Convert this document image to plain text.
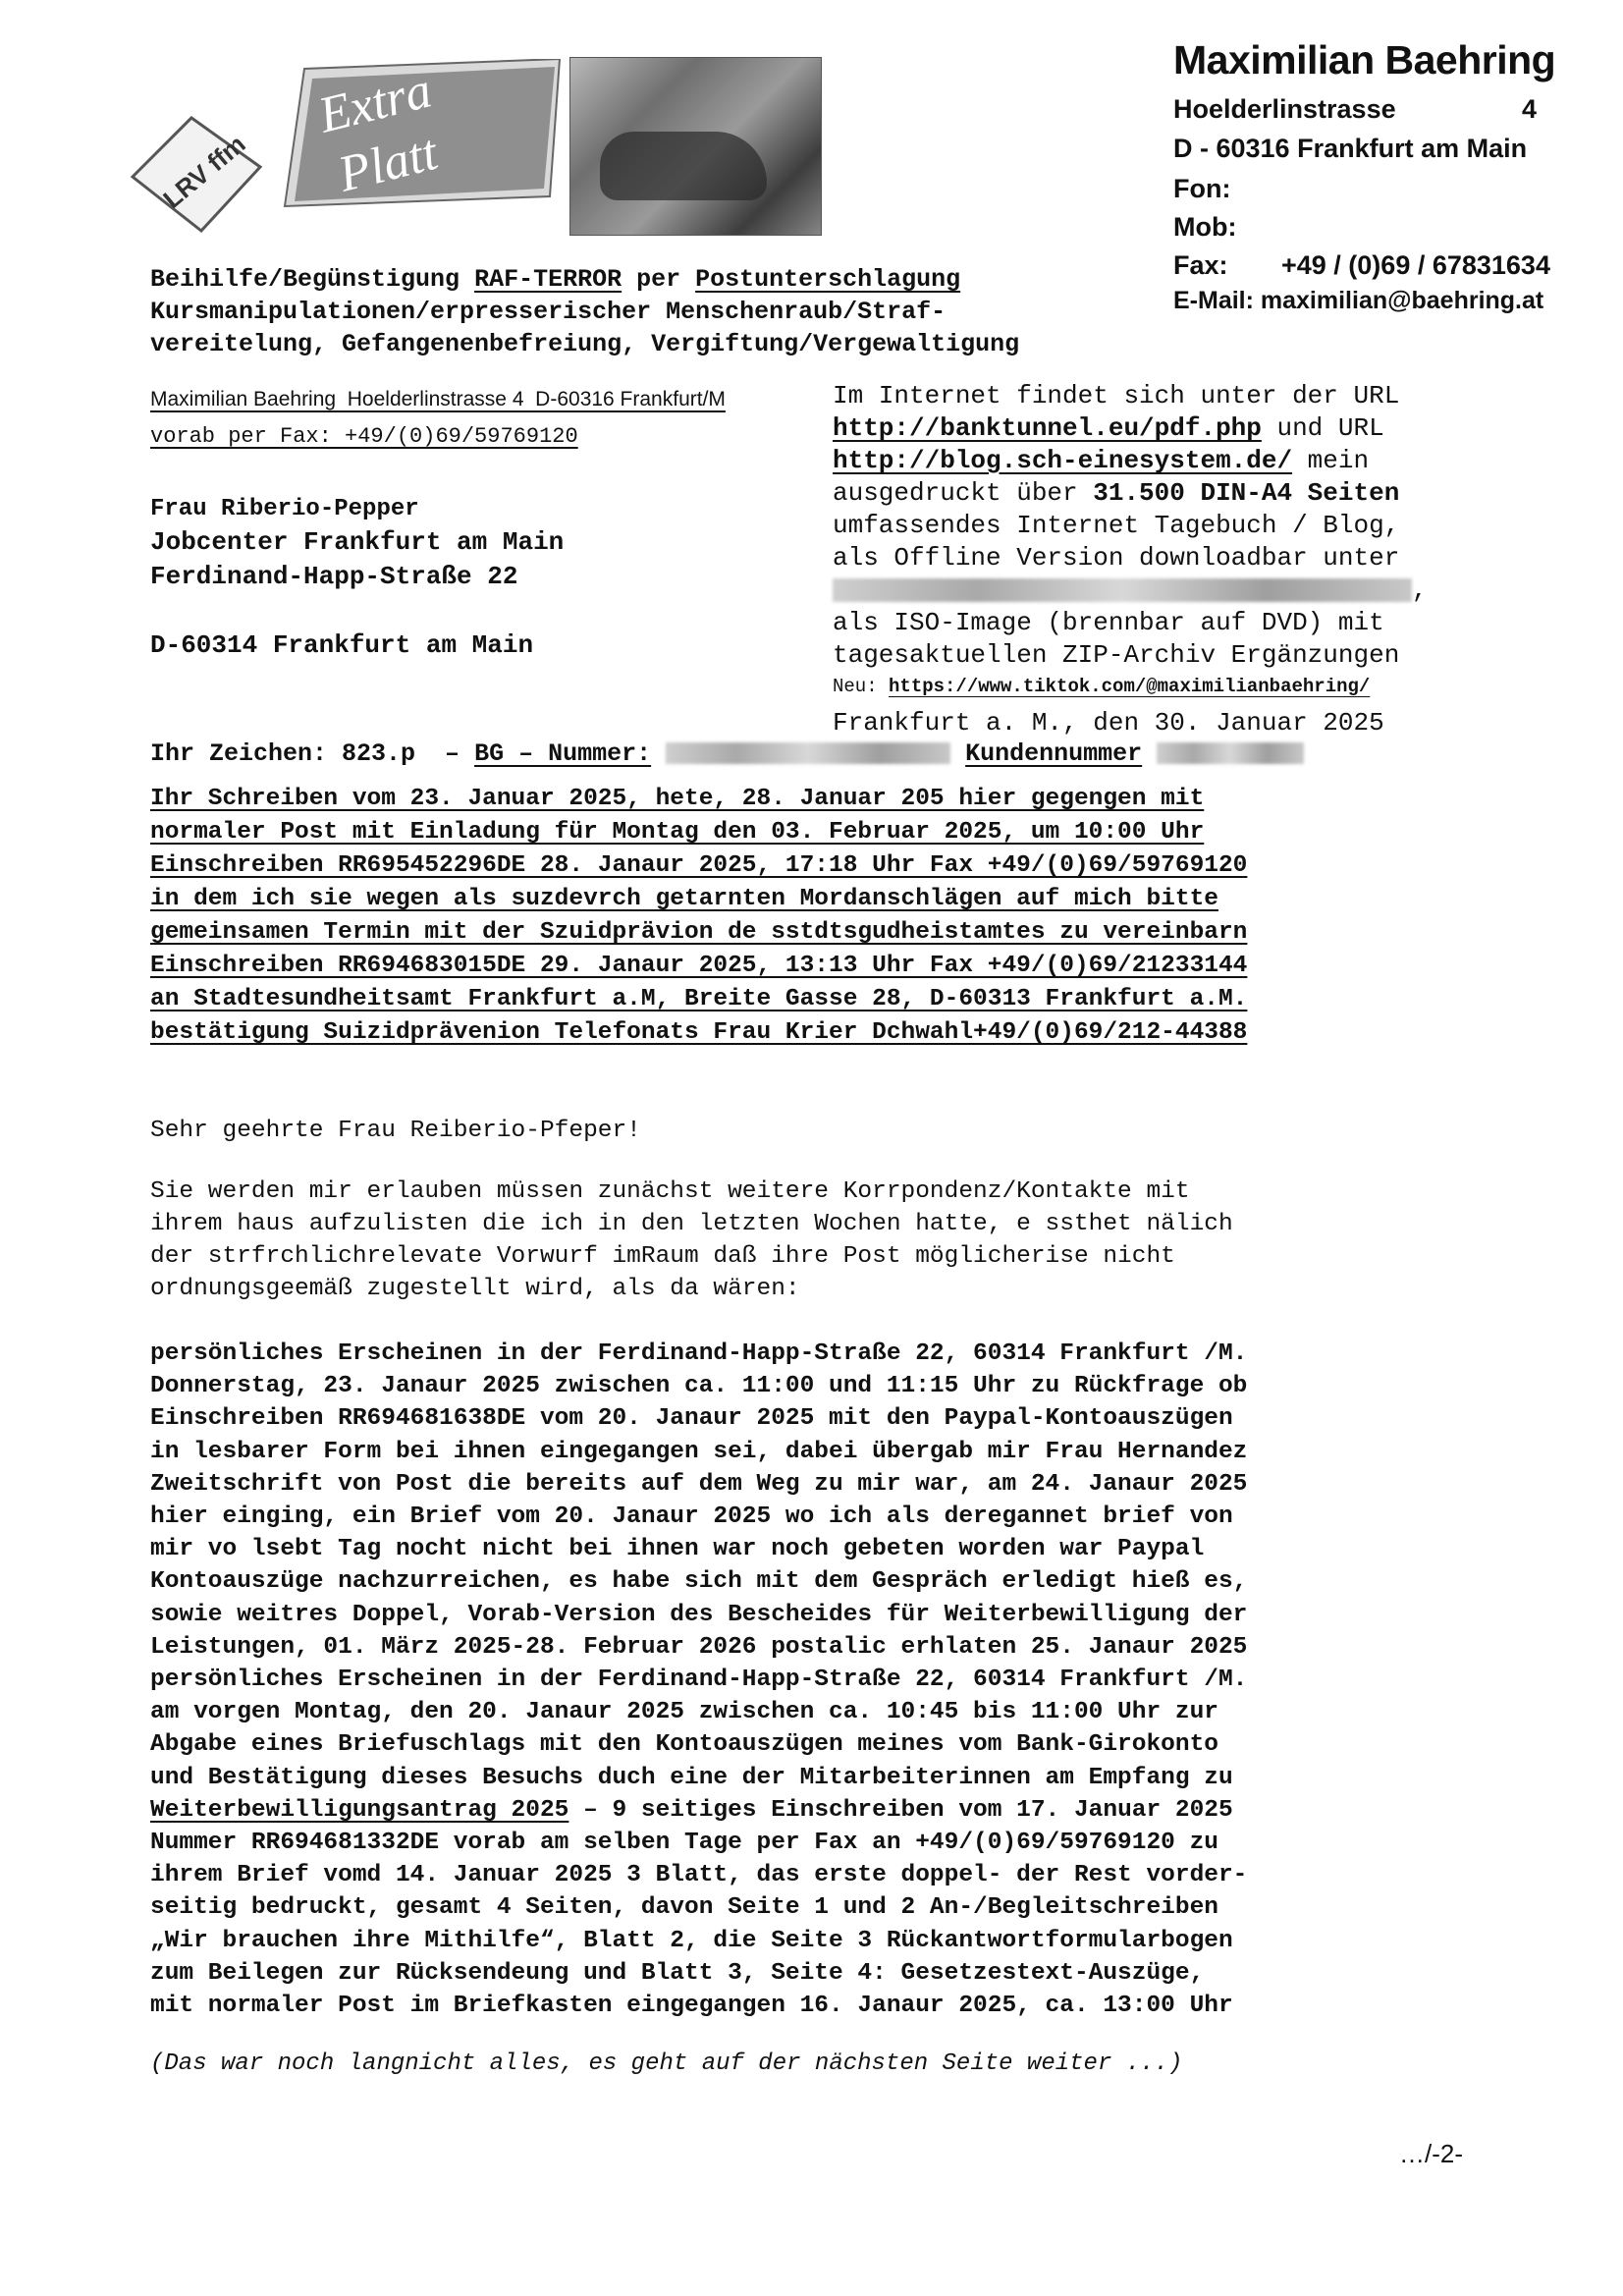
Extra
Platt
LRV ffm
Maximilian Baehring
Hoelderlinstrasse	4
D - 60316 Frankfurt am Main
Fon:
Mob:
Fax: +49 / (0)69 / 67831634
E-Mail: maximilian@baehring.at
Beihilfe/Begünstigung RAF-TERROR per Postunterschlagung
Kursmanipulationen/erpresserischer Menschenraub/Straf-
vereitelung, Gefangenenbefreiung, Vergiftung/Vergewaltigung
Maximilian Baehring  Hoelderlinstrasse 4  D-60316 Frankfurt/M
vorab per Fax: +49/(0)69/59769120
Frau Riberio-Pepper
Jobcenter Frankfurt am Main
Ferdinand-Happ-Straße 22
D-60314 Frankfurt am Main
Im Internet findet sich unter der URL
http://banktunnel.eu/pdf.php und URL
http://blog.sch-einesystem.de/ mein
ausgedruckt über 31.500 DIN-A4 Seiten
umfassendes Internet Tagebuch / Blog,
als Offline Version downloadbar unter
,
als ISO-Image (brennbar auf DVD) mit
tagesaktuellen ZIP-Archiv Ergänzungen
Neu: https://www.tiktok.com/@maximilianbaehring/
Frankfurt a. M., den 30. Januar 2025
Ihr Zeichen: 823.p  – BG – Nummer:	Kundennummer
Ihr Schreiben vom 23. Januar 2025, hete, 28. Januar 205 hier gegengen mit
normaler Post mit Einladung für Montag den 03. Februar 2025, um 10:00 Uhr
Einschreiben RR695452296DE 28. Janaur 2025, 17:18 Uhr Fax +49/(0)69/59769120
in dem ich sie wegen als suzdevrch getarnten Mordanschlägen auf mich bitte
gemeinsamen Termin mit der Szuidprävion de sstdtsgudheistamtes zu vereinbarn
Einschreiben RR694683015DE 29. Janaur 2025, 13:13 Uhr Fax +49/(0)69/21233144
an Stadtesundheitsamt Frankfurt a.M, Breite Gasse 28, D-60313 Frankfurt a.M.
bestätigung Suizidprävenion Telefonats Frau Krier Dchwahl+49/(0)69/212-44388
Sehr geehrte Frau Reiberio-Pfeper!
Sie werden mir erlauben müssen zunächst weitere Korrpondenz/Kontakte mit
ihrem haus aufzulisten die ich in den letzten Wochen hatte, e ssthet nälich
der strfrchlichrelevate Vorwurf imRaum daß ihre Post möglicherise nicht
ordnungsgeemäß zugestellt wird, als da wären:
persönliches Erscheinen in der Ferdinand-Happ-Straße 22, 60314 Frankfurt /M.
Donnerstag, 23. Janaur 2025 zwischen ca. 11:00 und 11:15 Uhr zu Rückfrage ob
Einschreiben RR694681638DE vom 20. Janaur 2025 mit den Paypal-Kontoauszügen
in lesbarer Form bei ihnen eingegangen sei, dabei übergab mir Frau Hernandez
Zweitschrift von Post die bereits auf dem Weg zu mir war, am 24. Janaur 2025
hier einging, ein Brief vom 20. Janaur 2025 wo ich als deregannet brief von
mir vo lsebt Tag nocht nicht bei ihnen war noch gebeten worden war Paypal
Kontoauszüge nachzurreichen, es habe sich mit dem Gespräch erledigt hieß es,
sowie weitres Doppel, Vorab-Version des Bescheides für Weiterbewilligung der
Leistungen, 01. März 2025-28. Februar 2026 postalic erhlaten 25. Janaur 2025
persönliches Erscheinen in der Ferdinand-Happ-Straße 22, 60314 Frankfurt /M.
am vorgen Montag, den 20. Janaur 2025 zwischen ca. 10:45 bis 11:00 Uhr zur
Abgabe eines Briefuschlags mit den Kontoauszügen meines vom Bank-Girokonto
und Bestätigung dieses Besuchs duch eine der Mitarbeiterinnen am Empfang zu
Weiterbewilligungsantrag 2025 – 9 seitiges Einschreiben vom 17. Januar 2025
Nummer RR694681332DE vorab am selben Tage per Fax an +49/(0)69/59769120 zu
ihrem Brief vomd 14. Januar 2025 3 Blatt, das erste doppel- der Rest vorder-
seitig bedruckt, gesamt 4 Seiten, davon Seite 1 und 2 An-/Begleitschreiben
„Wir brauchen ihre Mithilfe“, Blatt 2, die Seite 3 Rückantwortformularbogen
zum Beilegen zur Rücksendeung und Blatt 3, Seite 4: Gesetzestext-Auszüge,
mit normaler Post im Briefkasten eingegangen 16. Janaur 2025, ca. 13:00 Uhr
(Das war noch langnicht alles, es geht auf der nächsten Seite weiter ...)
…/-2-
